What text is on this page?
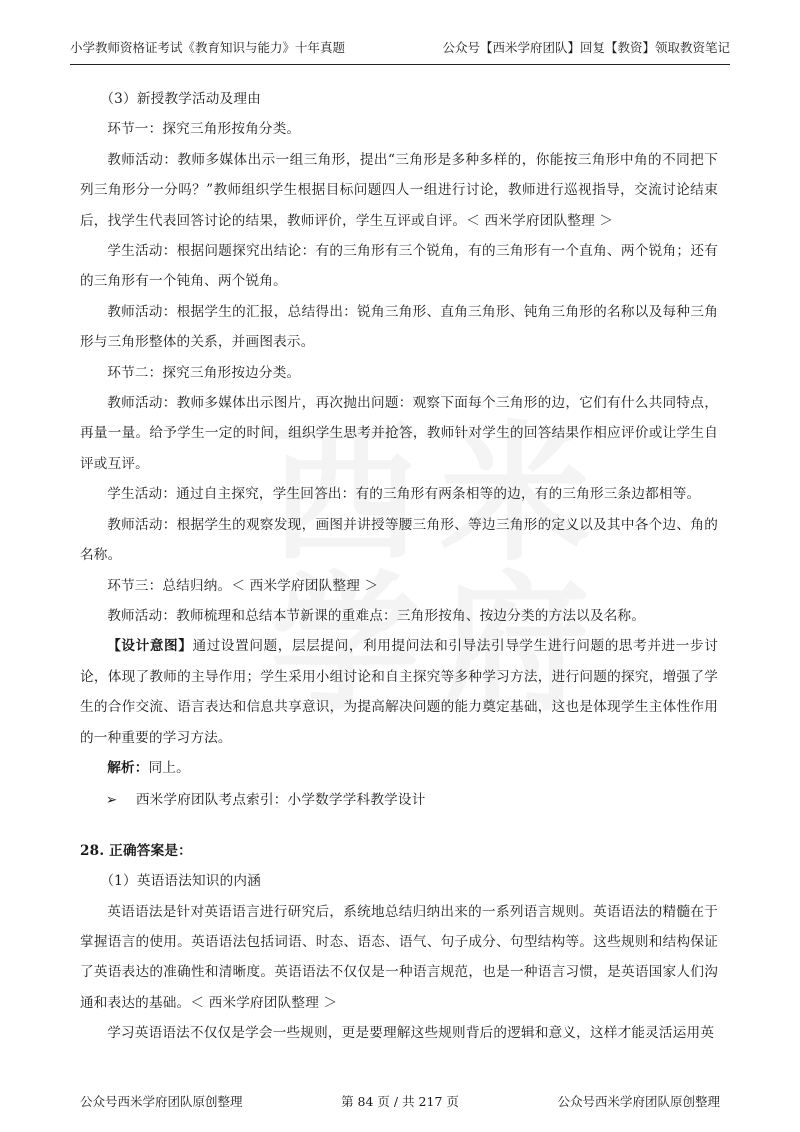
小学教师资格证考试《教育知识与能力》十年真题	公众号【西米学府团队】回复【教资】领取教资笔记

（3）新授教学活动及理由

环节一：探究三角形按角分类。

教师活动：教师多媒体出示一组三角形，提出“三角形是多种多样的，你能按三角形中角的不同把下列三角形分一分吗？”教师组织学生根据目标问题四人一组进行讨论，教师进行巡视指导，交流讨论结束后，找学生代表回答讨论的结果，教师评价，学生互评或自评。＜ 西米学府团队整理 ＞

学生活动：根据问题探究出结论：有的三角形有三个锐角，有的三角形有一个直角、两个锐角；还有的三角形有一个钝角、两个锐角。

教师活动：根据学生的汇报，总结得出：锐角三角形、直角三角形、钝角三角形的名称以及每种三角形与三角形整体的关系，并画图表示。

环节二：探究三角形按边分类。

教师活动：教师多媒体出示图片，再次抛出问题：观察下面每个三角形的边，它们有什么共同特点，再量一量。给予学生一定的时间，组织学生思考并抢答，教师针对学生的回答结果作相应评价或让学生自评或互评。

学生活动：通过自主探究，学生回答出：有的三角形有两条相等的边，有的三角形三条边都相等。

教师活动：根据学生的观察发现，画图并讲授等腰三角形、等边三角形的定义以及其中各个边、角的名称。

环节三：总结归纳。＜ 西米学府团队整理 ＞

教师活动：教师梳理和总结本节新课的重难点：三角形按角、按边分类的方法以及名称。

【设计意图】通过设置问题，层层提问，利用提问法和引导法引导学生进行问题的思考并进一步讨论，体现了教师的主导作用；学生采用小组讨论和自主探究等多种学习方法，进行问题的探究，增强了学生的合作交流、语言表达和信息共享意识，为提高解决问题的能力奠定基础，这也是体现学生主体性作用的一种重要的学习方法。

解析：同上。

➢ 西米学府团队考点索引：小学数学学科教学设计

28. 正确答案是：

（1）英语语法知识的内涵

英语语法是针对英语语言进行研究后，系统地总结归纳出来的一系列语言规则。英语语法的精髓在于掌握语言的使用。英语语法包括词语、时态、语态、语气、句子成分、句型结构等。这些规则和结构保证了英语表达的准确性和清晰度。英语语法不仅仅是一种语言规范，也是一种语言习惯，是英语国家人们沟通和表达的基础。＜ 西米学府团队整理 ＞

学习英语语法不仅仅是学会一些规则，更是要理解这些规则背后的逻辑和意义，这样才能灵活运用英

公众号西米学府团队原创整理	第 84 页 / 共 217 页	公众号西米学府团队原创整理
